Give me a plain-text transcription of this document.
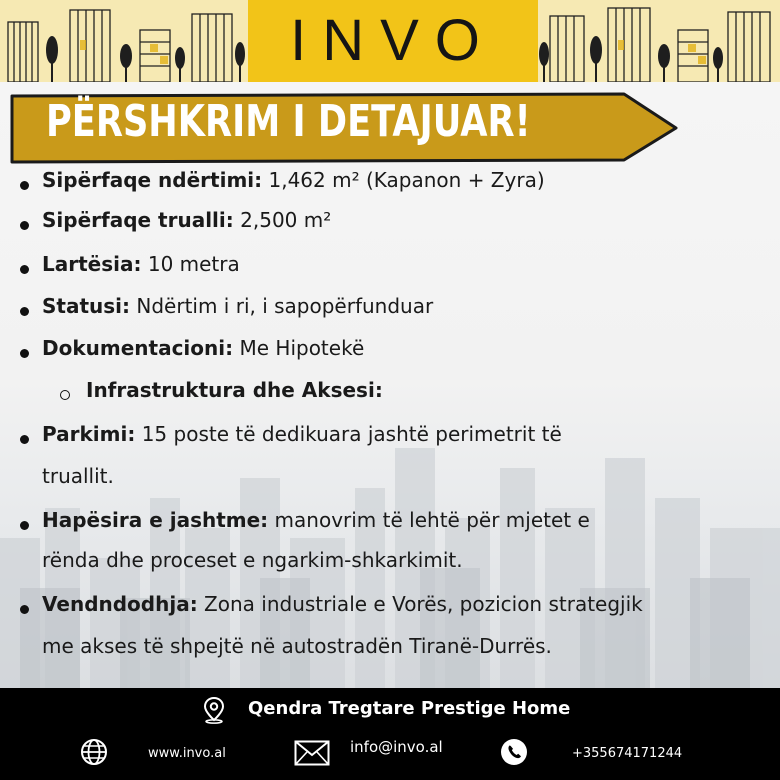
INVO
PËRSHKRIM I DETAJUAR!
Sipërfaqe ndërtimi: 1,462 m² (Kapanon + Zyra)
Sipërfaqe trualli: 2,500 m²
Lartësia: 10 metra
Statusi: Ndërtim i ri, i sapopërfunduar
Dokumentacioni: Me Hipotekë
Infrastruktura dhe Aksesi:
Parkimi: 15 poste të dedikuara jashtë perimetrit të
truallit.
Hapësira e jashtme: manovrim të lehtë për mjetet e
rënda dhe proceset e ngarkim-shkarkimit.
Vendndodhja: Zona industriale e Vorës, pozicion strategjik
me akses të shpejtë në autostradën Tiranë-Durrës.
Qendra Tregtare Prestige Home
www.invo.al	info@invo.al	+355674171244
